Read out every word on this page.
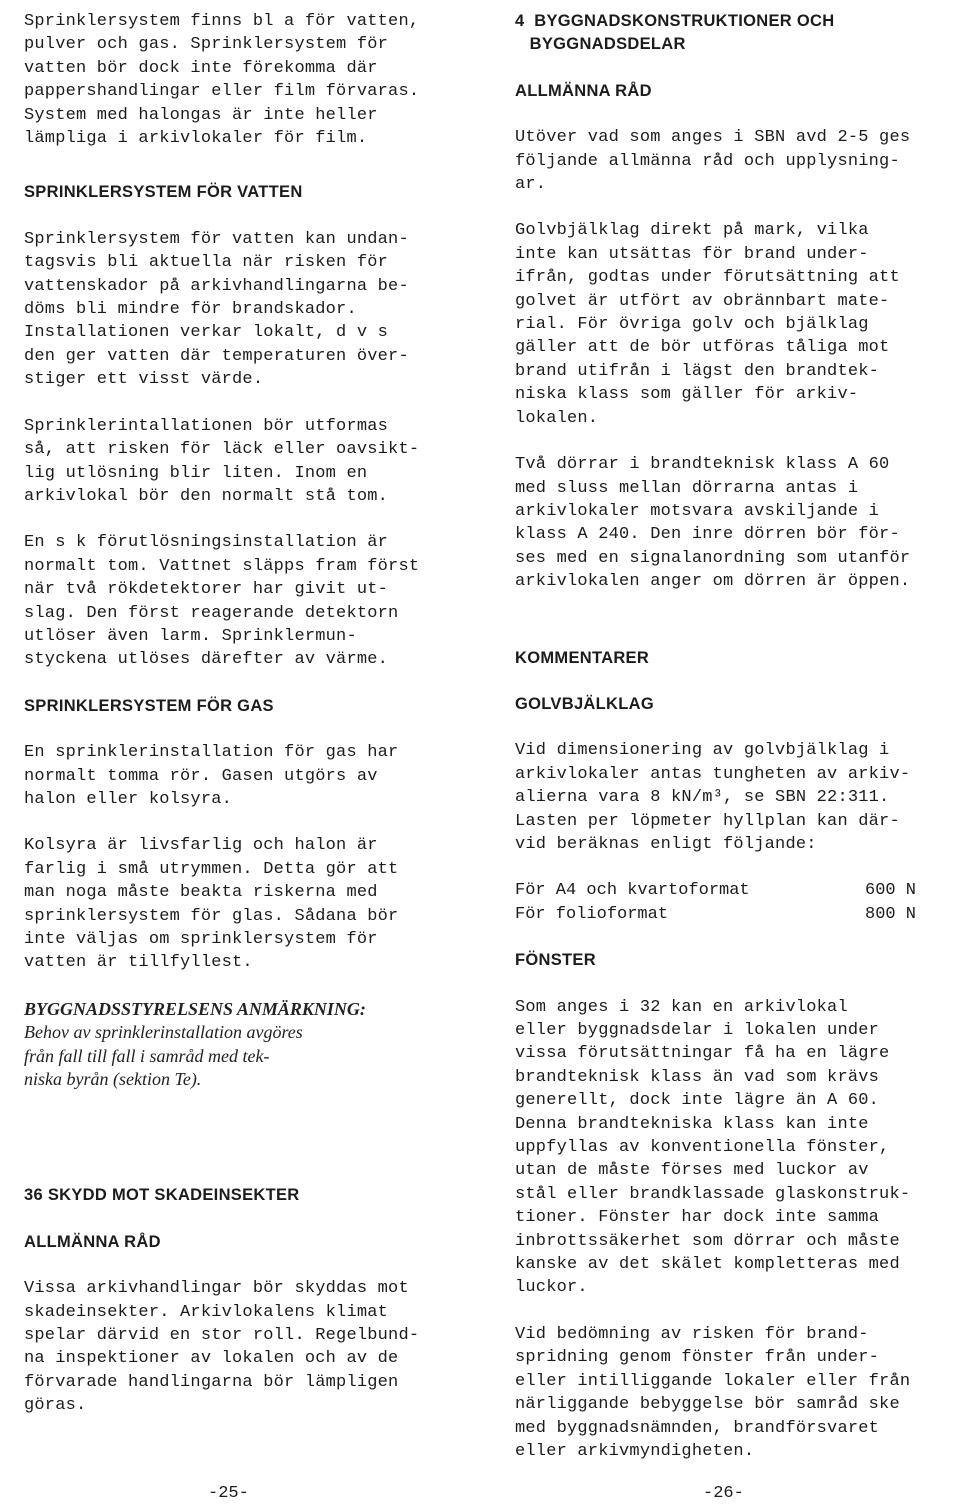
Sprinklersystem finns bl a för vatten,
pulver och gas. Sprinklersystem för
vatten bör dock inte förekomma där
pappershandlingar eller film förvaras.
System med halongas är inte heller
lämpliga i arkivlokaler för film.
SPRINKLERSYSTEM FÖR VATTEN
Sprinklersystem för vatten kan undan-
tagsvis bli aktuella när risken för
vattenskador på arkivhandlingarna be-
döms bli mindre för brandskador.
Installationen verkar lokalt, d v s
den ger vatten där temperaturen över-
stiger ett visst värde.
Sprinklerintallationen bör utformas
så, att risken för läck eller oavsikt-
lig utlösning blir liten. Inom en
arkivlokal bör den normalt stå tom.
En s k förutlösningsinstallation är
normalt tom. Vattnet släpps fram först
när två rökdetektorer har givit ut-
slag. Den först reagerande detektorn
utlöser även larm. Sprinklermun-
styckena utlöses därefter av värme.
SPRINKLERSYSTEM FÖR GAS
En sprinklerinstallation för gas har
normalt tomma rör. Gasen utgörs av
halon eller kolsyra.
Kolsyra är livsfarlig och halon är
farlig i små utrymmen. Detta gör att
man noga måste beakta riskerna med
sprinklersystem för glas. Sådana bör
inte väljas om sprinklersystem för
vatten är tillfyllest.
BYGGNADSSTYRELSENS ANMÄRKNING:
Behov av sprinklerinstallation avgöres
från fall till fall i samråd med tek-
niska byrån (sektion Te).
36 SKYDD MOT SKADEINSEKTER
ALLMÄNNA RÅD
Vissa arkivhandlingar bör skyddas mot
skadeinsekter. Arkivlokalens klimat
spelar därvid en stor roll. Regelbund-
na inspektioner av lokalen och av de
förvarade handlingarna bör lämpligen
göras.
4  BYGGNADSKONSTRUKTIONER OCH
BYGGNADSDELAR
ALLMÄNNA RÅD
Utöver vad som anges i SBN avd 2-5 ges
följande allmänna råd och upplysning-
ar.
Golvbjälklag direkt på mark, vilka
inte kan utsättas för brand under-
ifrån, godtas under förutsättning att
golvet är utfört av obrännbart mate-
rial. För övriga golv och bjälklag
gäller att de bör utföras tåliga mot
brand utifrån i lägst den brandtek-
niska klass som gäller för arkiv-
lokalen.
Två dörrar i brandteknisk klass A 60
med sluss mellan dörrarna antas i
arkivlokaler motsvara avskiljande i
klass A 240. Den inre dörren bör för-
ses med en signalanordning som utanför
arkivlokalen anger om dörren är öppen.
KOMMENTARER
GOLVBJÄLKLAG
Vid dimensionering av golvbjälklag i
arkivlokaler antas tungheten av arkiv-
alierna vara 8 kN/m³, se SBN 22:311.
Lasten per löpmeter hyllplan kan där-
vid beräknas enligt följande:
För A4 och kvartoformat	600 N
För folioformat	800 N
FÖNSTER
Som anges i 32 kan en arkivlokal
eller byggnadsdelar i lokalen under
vissa förutsättningar få ha en lägre
brandteknisk klass än vad som krävs
generellt, dock inte lägre än A 60.
Denna brandtekniska klass kan inte
uppfyllas av konventionella fönster,
utan de måste förses med luckor av
stål eller brandklassade glaskonstruk-
tioner. Fönster har dock inte samma
inbrottssäkerhet som dörrar och måste
kanske av det skälet kompletteras med
luckor.
Vid bedömning av risken för brand-
spridning genom fönster från under-
eller intilliggande lokaler eller från
närliggande bebyggelse bör samråd ske
med byggnadsnämnden, brandförsvaret
eller arkivmyndigheten.
-25-	-26-
